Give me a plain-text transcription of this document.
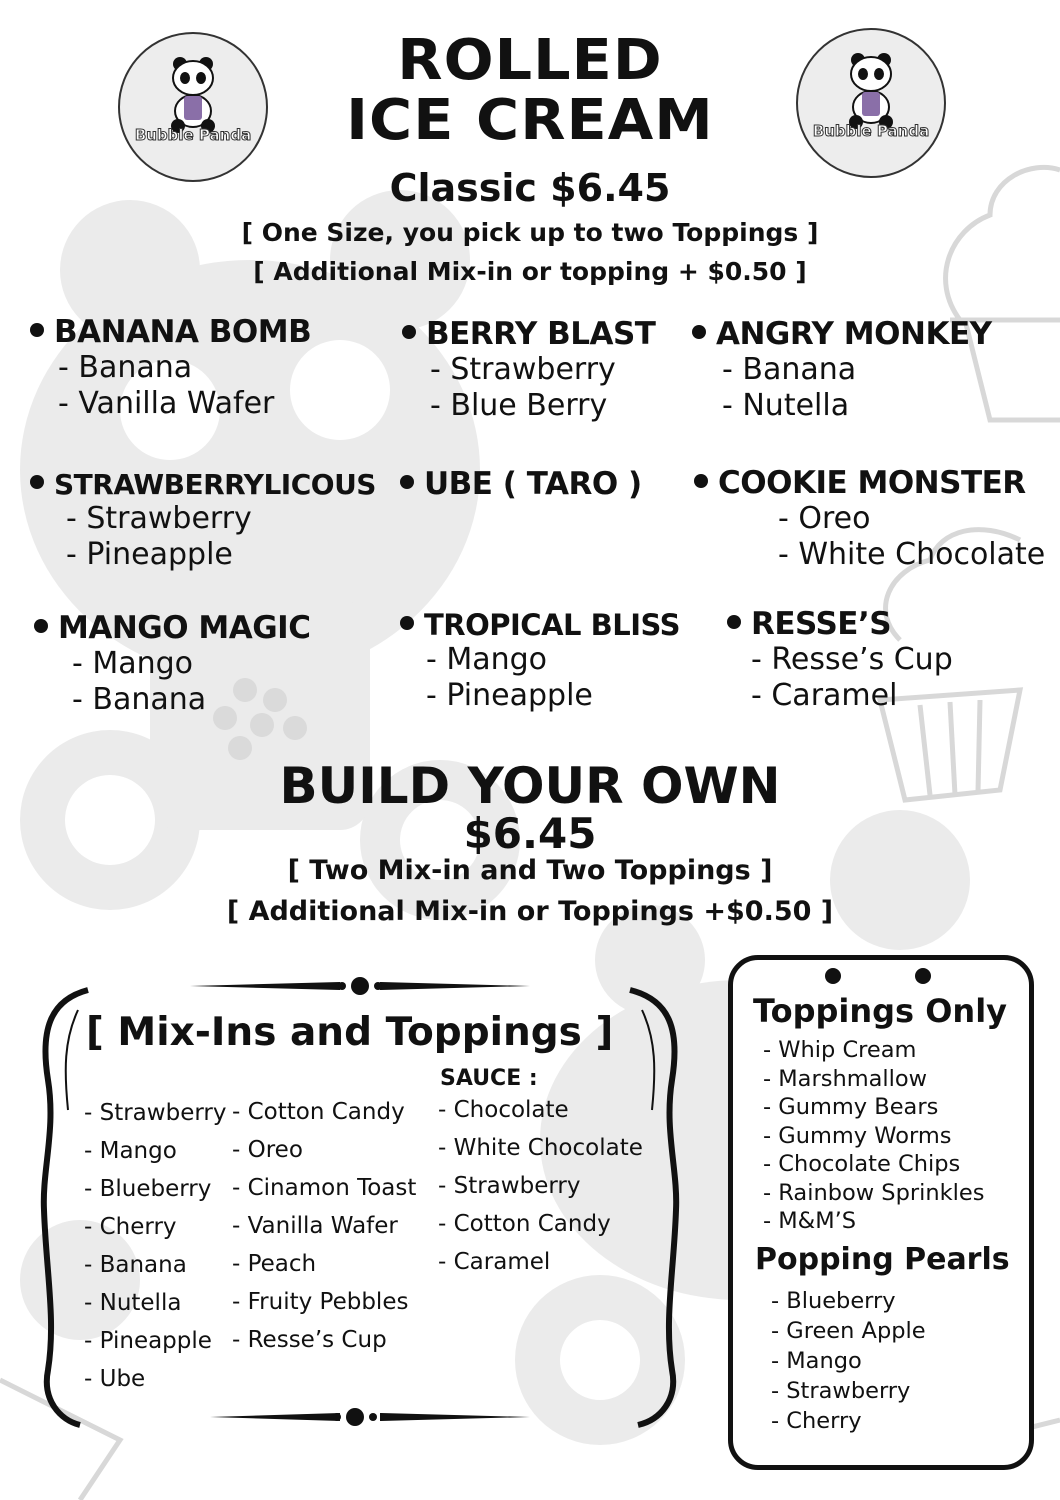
Bubble Panda	Bubble Panda
ROLLED
ICE CREAM
Classic $6.45
[ One Size, you pick up to two Toppings ]
[ Additional Mix-in or topping + $0.50 ]
BANANA BOMB
- Banana
- Vanilla Wafer
BERRY BLAST
- Strawberry
- Blue Berry
ANGRY MONKEY
- Banana
- Nutella
STRAWBERRYLICOUS
- Strawberry
- Pineapple
UBE ( TARO )	COOKIE MONSTER
- Oreo
- White Chocolate
MANGO MAGIC
- Mango
- Banana
TROPICAL BLISS
- Mango
- Pineapple
RESSE’S
- Resse’s Cup
- Caramel
BUILD YOUR OWN
$6.45
[ Two Mix-in and Two Toppings ]
[ Additional Mix-in or Toppings +$0.50 ]
[ Mix-Ins and Toppings ]
- Strawberry
- Mango
- Blueberry
- Cherry
- Banana
- Nutella
- Pineapple
- Ube
- Cotton Candy
- Oreo
- Cinamon Toast
- Vanilla Wafer
- Peach
- Fruity Pebbles
- Resse’s Cup
SAUCE :
- Chocolate
- White Chocolate
- Strawberry
- Cotton Candy
- Caramel
Toppings Only
- Whip Cream
- Marshmallow
- Gummy Bears
- Gummy Worms
- Chocolate Chips
- Rainbow Sprinkles
- M&M’S
Popping Pearls
- Blueberry
- Green Apple
- Mango
- Strawberry
- Cherry
